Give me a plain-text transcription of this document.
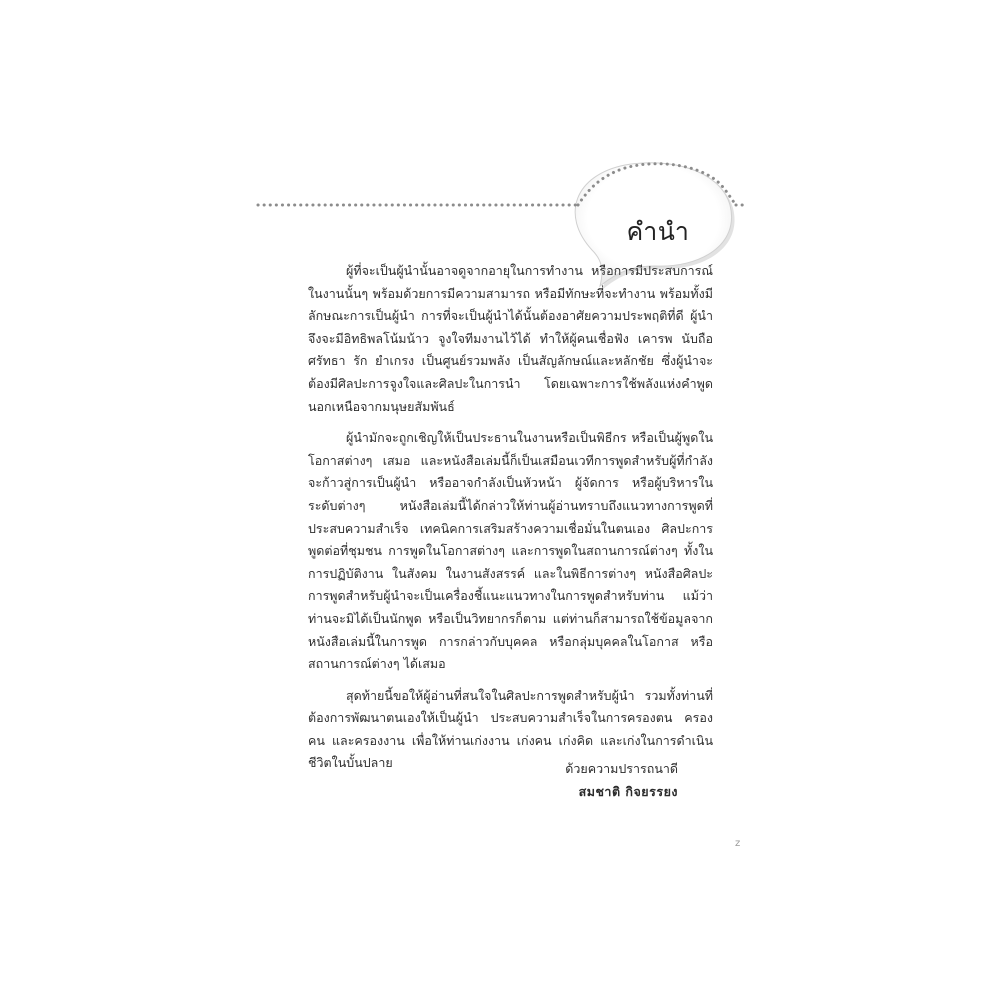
คำนำ

ผู้ที่จะเป็นผู้นำนั้นอาจดูจากอายุในการทำงาน หรือการมีประสบการณ์ในงานนั้นๆ พร้อมด้วยการมีความสามารถ หรือมีทักษะที่จะทำงาน พร้อมทั้งมีลักษณะการเป็นผู้นำ การที่จะเป็นผู้นำได้นั้นต้องอาศัยความประพฤติที่ดี ผู้นำจึงจะมีอิทธิพลโน้มน้าว จูงใจทีมงานไว้ได้ ทำให้ผู้คนเชื่อฟัง เคารพ นับถือ ศรัทธา รัก ยำเกรง เป็นศูนย์รวมพลัง เป็นสัญลักษณ์และหลักชัย ซึ่งผู้นำจะต้องมีศิลปะการจูงใจและศิลปะในการนำ โดยเฉพาะการใช้พลังแห่งคำพูดนอกเหนือจากมนุษยสัมพันธ์

ผู้นำมักจะถูกเชิญให้เป็นประธานในงานหรือเป็นพิธีกร หรือเป็นผู้พูดในโอกาสต่างๆ เสมอ และหนังสือเล่มนี้ก็เป็นเสมือนเวทีการพูดสำหรับผู้ที่กำลังจะก้าวสู่การเป็นผู้นำ หรืออาจกำลังเป็นหัวหน้า ผู้จัดการ หรือผู้บริหารในระดับต่างๆ หนังสือเล่มนี้ได้กล่าวให้ท่านผู้อ่านทราบถึงแนวทางการพูดที่ประสบความสำเร็จ เทคนิคการเสริมสร้างความเชื่อมั่นในตนเอง ศิลปะการพูดต่อที่ชุมชน การพูดในโอกาสต่างๆ และการพูดในสถานการณ์ต่างๆ ทั้งในการปฏิบัติงาน ในสังคม ในงานสังสรรค์ และในพิธีการต่างๆ หนังสือศิลปะการพูดสำหรับผู้นำจะเป็นเครื่องชี้แนะแนวทางในการพูดสำหรับท่าน แม้ว่าท่านจะมิได้เป็นนักพูด หรือเป็นวิทยากรก็ตาม แต่ท่านก็สามารถใช้ข้อมูลจากหนังสือเล่มนี้ในการพูด การกล่าวกับบุคคล หรือกลุ่มบุคคลในโอกาส หรือสถานการณ์ต่างๆ ได้เสมอ

สุดท้ายนี้ขอให้ผู้อ่านที่สนใจในศิลปะการพูดสำหรับผู้นำ รวมทั้งท่านที่ต้องการพัฒนาตนเองให้เป็นผู้นำ ประสบความสำเร็จในการครองตน ครองคน และครองงาน เพื่อให้ท่านเก่งงาน เก่งคน เก่งคิด และเก่งในการดำเนินชีวิตในบั้นปลาย	ด้วยความปรารถนาดี
สมชาติ กิจยรรยง
z
